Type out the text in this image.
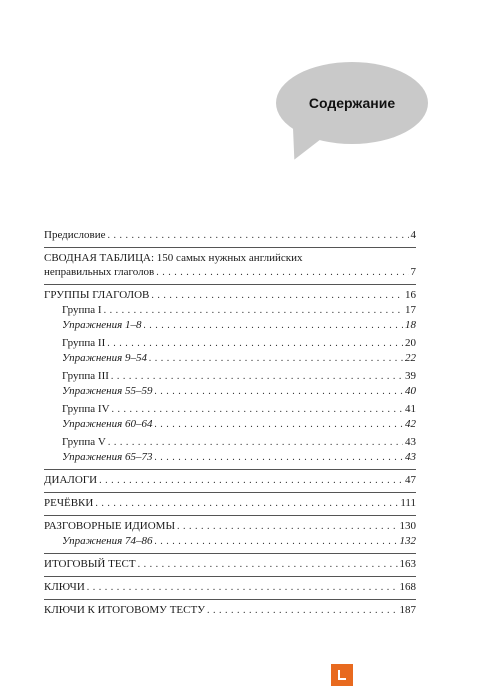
Содержание
Предисловие . . .	4
СВОДНАЯ ТАБЛИЦА: 150 самых нужных английских
неправильных глаголов . . .	7
ГРУППЫ ГЛАГОЛОВ . . .	16
Группа I . . .	17
Упражнения 1–8 . . .	18
Группа II . . .	20
Упражнения 9–54 . . .	22
Группа III . . .	39
Упражнения 55–59 . . .	40
Группа IV . . .	41
Упражнения 60–64 . . .	42
Группа V . . .	43
Упражнения 65–73 . . .	43
ДИАЛОГИ . . .	47
РЕЧЁВКИ . . .	111
РАЗГОВОРНЫЕ ИДИОМЫ . . .	130
Упражнения 74–86 . . .	132
ИТОГОВЫЙ ТЕСТ . . .	163
КЛЮЧИ . . .	168
КЛЮЧИ К ИТОГОВОМУ ТЕСТУ . . .	187
